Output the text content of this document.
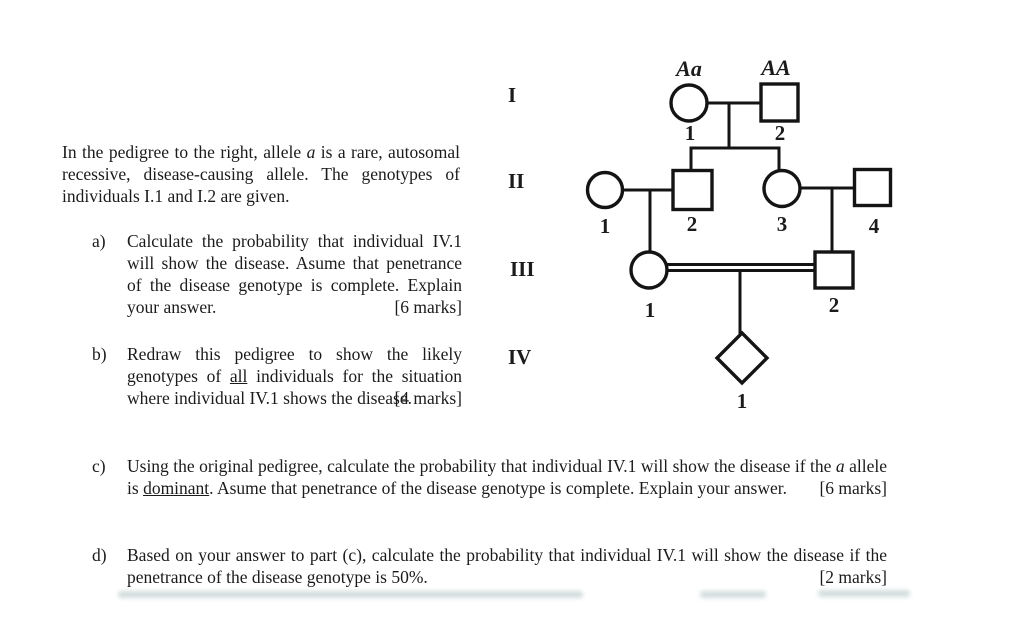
In the pedigree to the right, allele a is a rare, autosomal recessive, disease-causing allele. The genotypes of individuals I.1 and I.2 are given.
a)	Calculate the probability that individual IV.1 will show the disease. Asume that penetrance of the disease genotype is complete. Explain your answer.	[6 marks]
b)	Redraw this pedigree to show the likely genotypes of all individuals for the situation where individual IV.1 shows the disease.
[4 marks]
c)	Using the original pedigree, calculate the probability that individual IV.1 will show the disease if the a allele is dominant. Asume that penetrance of the disease genotype is complete. Explain your answer. [6 marks]
d)	Based on your answer to part (c), calculate the probability that individual IV.1 will show the disease if the penetrance of the disease genotype is 50%.	[2 marks]
Aa	AA
I
II
III
IV
1	2
1	2	3	4
1	2
1
